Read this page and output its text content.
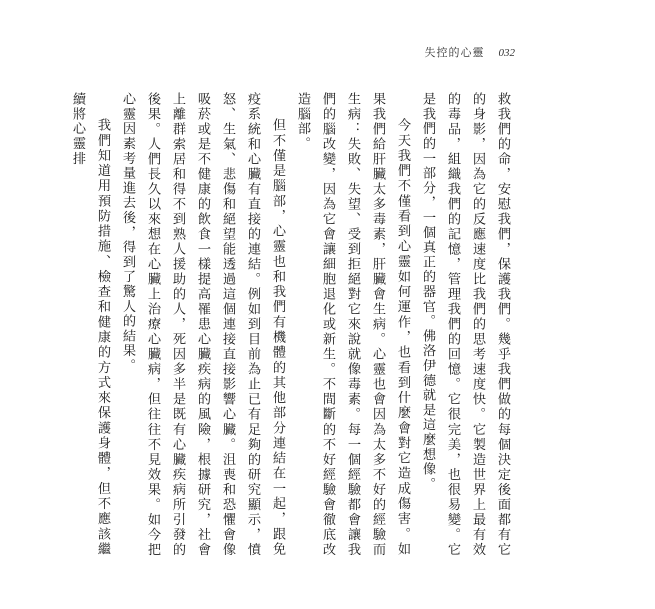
失控的心靈 032

救我們的命，安慰我們，保護我們。幾乎我們做的每個決定後面都有它的身影，因為它的反應速度比我們的思考速度快。它製造世界上最有效的毒品，組織我們的記憶，管理我們的回憶。它很完美，也很易變。它是我們的一部分，一個真正的器官。佛洛伊德就是這麼想像。

今天我們不僅看到心靈如何運作，也看到什麼會對它造成傷害。如果我們給肝臟太多毒素，肝臟會生病。心靈也會因為太多不好的經驗而生病：失敗、失望、受到拒絕對它來說就像毒素。每一個經驗都會讓我們的腦改變，因為它會讓細胞退化或新生。不間斷的不好經驗會徹底改造腦部。

但不僅是腦部，心靈也和我們有機體的其他部分連結在一起，跟免疫系統和心臟有直接的連結。例如到目前為止已有足夠的研究顯示，憤怒、生氣、悲傷和絕望能透過這個連接直接影響心臟。沮喪和恐懼會像吸菸或是不健康的飲食一樣提高罹患心臟疾病的風險，根據研究，社會上離群索居和得不到熟人援助的人，死因多半是既有心臟疾病所引發的後果。人們長久以來想在心臟上治療心臟病，但往往不見效果。如今把心靈因素考量進去後，得到了驚人的結果。

我們知道用預防措施、檢查和健康的方式來保護身體，但不應該繼續將心靈排
